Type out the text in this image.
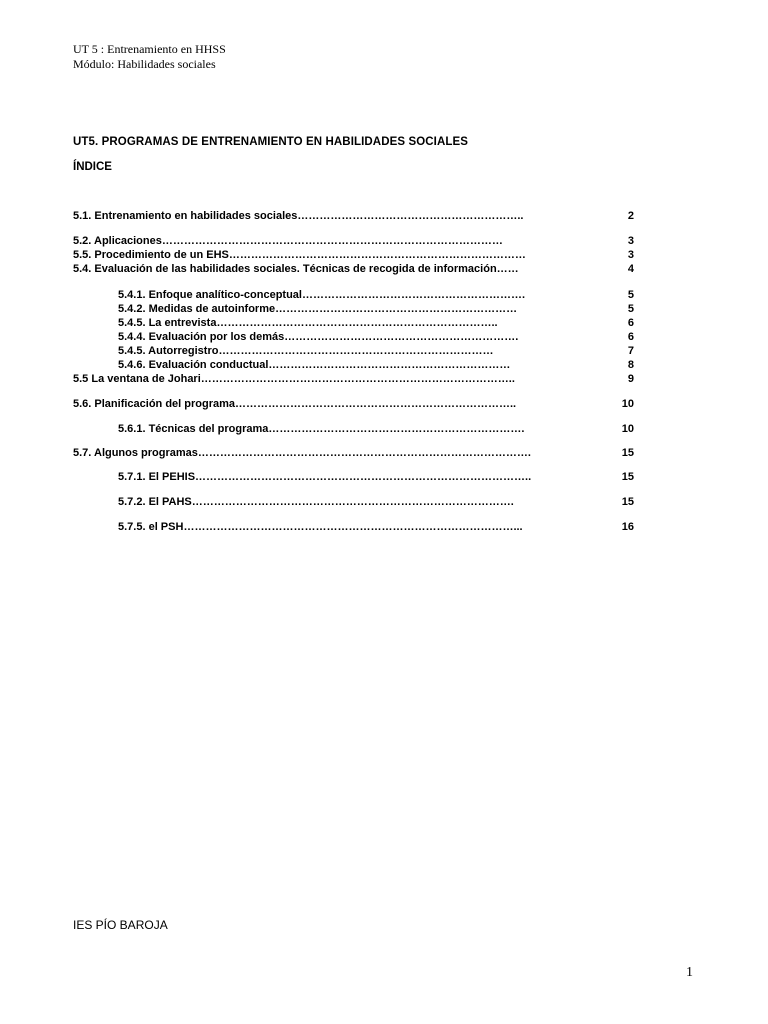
UT 5 : Entrenamiento en HHSS
Módulo: Habilidades sociales
UT5. PROGRAMAS DE ENTRENAMIENTO EN HABILIDADES SOCIALES
ÍNDICE
5.1. Entrenamiento en habilidades sociales……………………………………………………..	2
5.2. Aplicaciones…………………………………………………………………………………	3
5.5. Procedimiento de un EHS………………………………………………………………………	3
5.4. Evaluación de las habilidades sociales. Técnicas de recogida de información……	4
5.4.1. Enfoque analítico-conceptual…………………………………………………….	5
5.4.2. Medidas de autoinforme…………………………………………………………	5
5.4.5. La entrevista…………………………………………………………………..	6
5.4.4. Evaluación por los demás……………………………………………………….	6
5.4.5. Autorregistro…………………………………………………………………	7
5.4.6. Evaluación conductual…………………………………………………………	8
5.5 La ventana de Johari…………………………………………………………………………..	9
5.6. Planificación del programa…………………………………………………………………..	10
5.6.1. Técnicas del programa…………………………………………………………….	10
5.7. Algunos programas……………………………………………………………………………….	15
5.7.1. El PEHIS………………………………………………………………………………..	15
5.7.2. El PAHS…………………………………………………………………………….	15
5.7.5. el PSH………………………………………………………………………………...	16
IES PÍO BAROJA
1
